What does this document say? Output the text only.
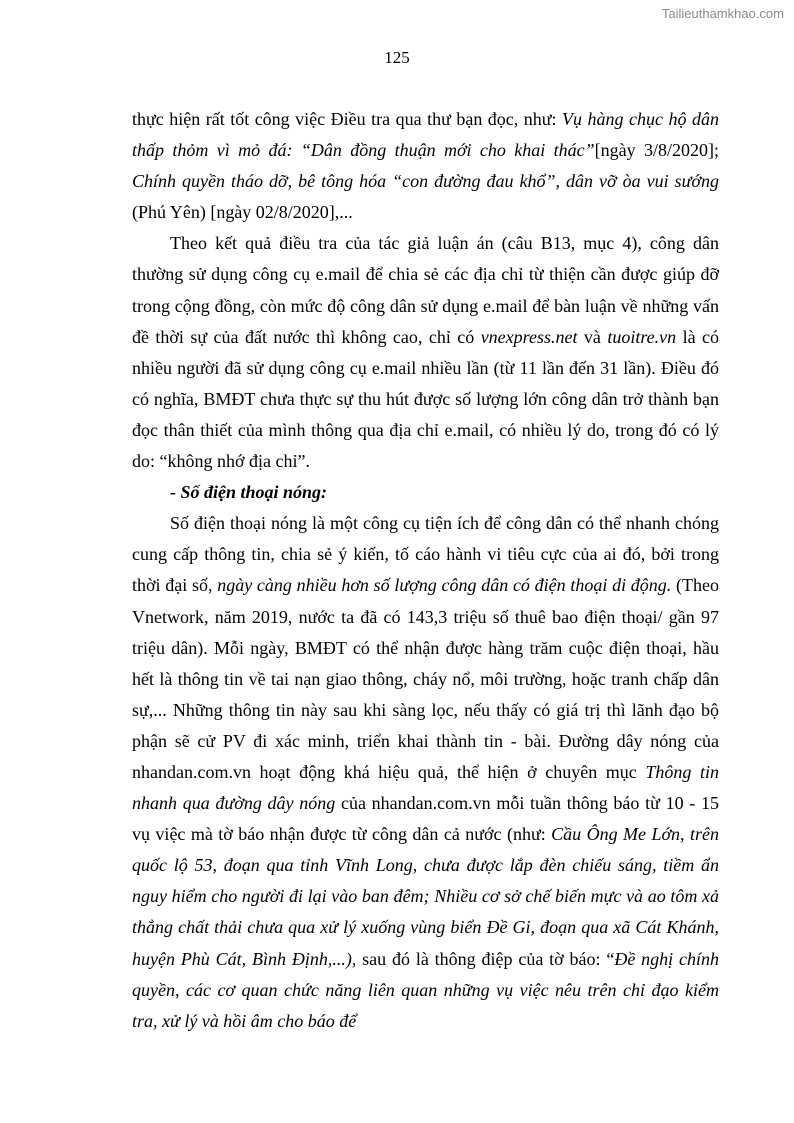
Tailieuthamkhao.com
125

thực hiện rất tốt công việc Điều tra qua thư bạn đọc, như: Vụ hàng chục hộ dân thấp thỏm vì mỏ đá: “Dân đồng thuận mới cho khai thác”[ngày 3/8/2020]; Chính quyền tháo dỡ, bê tông hóa “con đường đau khổ”, dân vỡ òa vui sướng (Phú Yên) [ngày 02/8/2020],...

Theo kết quả điều tra của tác giả luận án (câu B13, mục 4), công dân thường sử dụng công cụ e.mail để chia sẻ các địa chỉ từ thiện cần được giúp đỡ trong cộng đồng, còn mức độ công dân sử dụng e.mail để bàn luận về những vấn đề thời sự của đất nước thì không cao, chỉ có vnexpress.net và tuoitre.vn là có nhiều người đã sử dụng công cụ e.mail nhiều lần (từ 11 lần đến 31 lần). Điều đó có nghĩa, BMĐT chưa thực sự thu hút được số lượng lớn công dân trở thành bạn đọc thân thiết của mình thông qua địa chỉ e.mail, có nhiều lý do, trong đó có lý do: “không nhớ địa chỉ”.

- Số điện thoại nóng:

Số điện thoại nóng là một công cụ tiện ích để công dân có thể nhanh chóng cung cấp thông tin, chia sẻ ý kiến, tố cáo hành vi tiêu cực của ai đó, bởi trong thời đại số, ngày càng nhiều hơn số lượng công dân có điện thoại di động. (Theo Vnetwork, năm 2019, nước ta đã có 143,3 triệu số thuê bao điện thoại/ gần 97 triệu dân). Mỗi ngày, BMĐT có thể nhận được hàng trăm cuộc điện thoại, hầu hết là thông tin về tai nạn giao thông, cháy nổ, môi trường, hoặc tranh chấp dân sự,... Những thông tin này sau khi sàng lọc, nếu thấy có giá trị thì lãnh đạo bộ phận sẽ cử PV đi xác minh, triển khai thành tin - bài. Đường dây nóng của nhandan.com.vn hoạt động khá hiệu quả, thể hiện ở chuyên mục Thông tin nhanh qua đường dây nóng của nhandan.com.vn mỗi tuần thông báo từ 10 - 15 vụ việc mà tờ báo nhận được từ công dân cả nước (như: Cầu Ông Me Lớn, trên quốc lộ 53, đoạn qua tỉnh Vĩnh Long, chưa được lắp đèn chiếu sáng, tiềm ẩn nguy hiểm cho người đi lại vào ban đêm; Nhiều cơ sở chế biến mực và ao tôm xả thẳng chất thải chưa qua xử lý xuống vùng biển Đề Gi, đoạn qua xã Cát Khánh, huyện Phù Cát, Bình Định,...), sau đó là thông điệp của tờ báo: “Đề nghị chính quyền, các cơ quan chức năng liên quan những vụ việc nêu trên chỉ đạo kiểm tra, xử lý và hồi âm cho báo để
